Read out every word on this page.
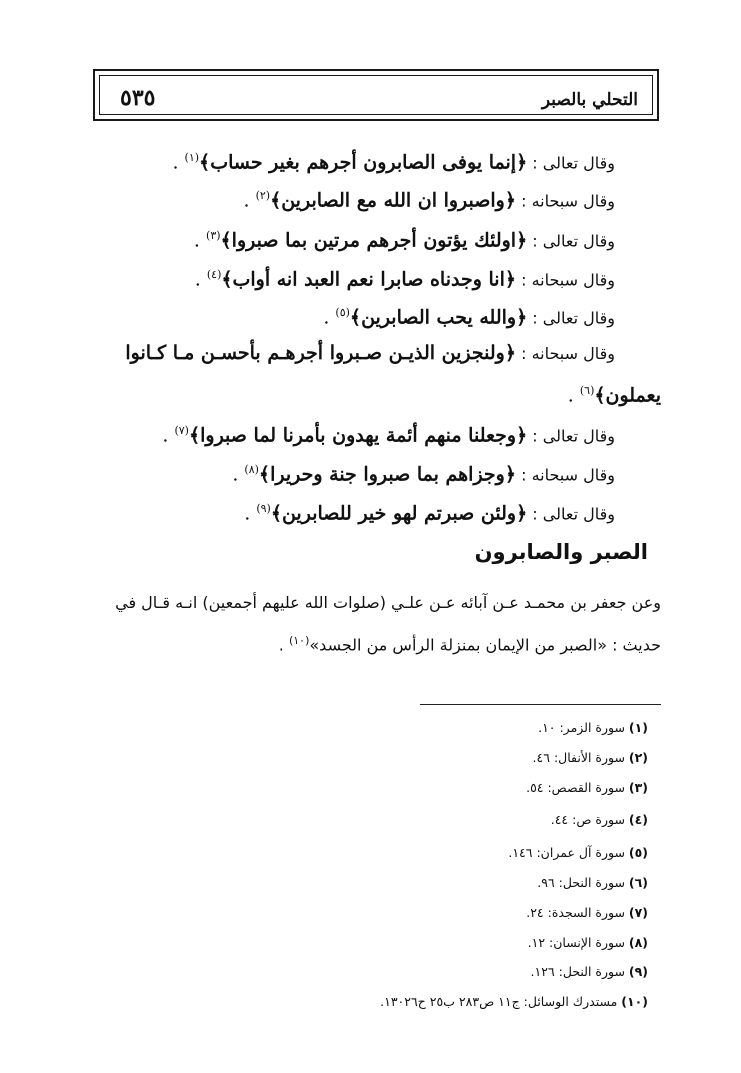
التحلي بالصبر
٥٣٥
وقال تعالى : ﴿إنما يوفى الصابرون أجرهم بغير حساب﴾$^{(١)}$ .
وقال سبحانه : ﴿واصبروا ان الله مع الصابرين﴾$^{(٢)}$ .
وقال تعالى : ﴿اولئك يؤتون أجرهم مرتين بما صبروا﴾$^{(٣)}$ .
وقال سبحانه : ﴿انا وجدناه صابرا نعم العبد انه أواب﴾$^{(٤)}$ .
وقال تعالى : ﴿والله يحب الصابرين﴾$^{(٥)}$ .
وقال سبحانه : ﴿ولنجزين الذيـن صـبروا أجرهـم بأحسـن مـا كـانوا
يعملون﴾$^{(٦)}$ .
وقال تعالى : ﴿وجعلنا منهم أئمة يهدون بأمرنا لما صبروا﴾$^{(٧)}$ .
وقال سبحانه : ﴿وجزاهم بما صبروا جنة وحريرا﴾$^{(٨)}$ .
وقال تعالى : ﴿ولئن صبرتم لهو خير للصابرين﴾$^{(٩)}$ .
الصبر والصابرون
وعن جعفر بن محمـد عـن آبائه عـن علـي (صلوات الله عليهم أجمعين) انـه قـال في
حديث : «الصبر من الإيمان بمنزلة الرأس من الجسد»$^{(١٠)}$ .
(١) سورة الزمر: ١٠.
(٢) سورة الأنفال: ٤٦.
(٣) سورة القصص: ٥٤.
(٤) سورة ص: ٤٤.
(٥) سورة آل عمران: ١٤٦.
(٦) سورة النحل: ٩٦.
(٧) سورة السجدة: ٢٤.
(٨) سورة الإنسان: ١٢.
(٩) سورة النحل: ١٢٦.
(١٠) مستدرك الوسائل: ج١١ ص٢٨٣ ب٢٥ ح١٣٠٢٦.
